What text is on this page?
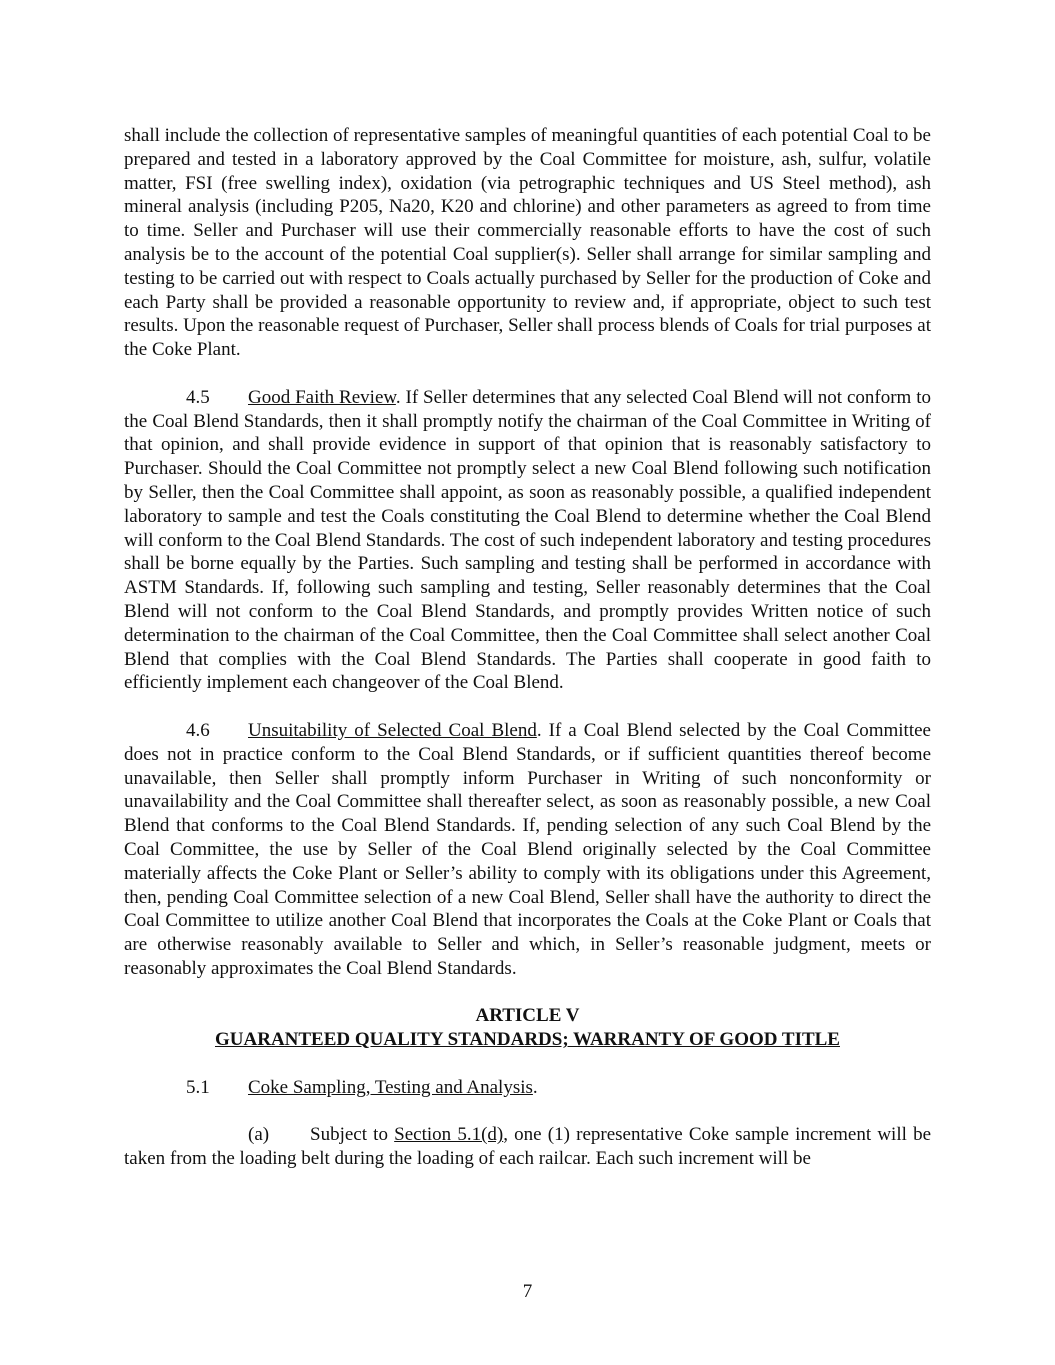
shall include the collection of representative samples of meaningful quantities of each potential Coal to be prepared and tested in a laboratory approved by the Coal Committee for moisture, ash, sulfur, volatile matter, FSI (free swelling index), oxidation (via petrographic techniques and US Steel method), ash mineral analysis (including P205, Na20, K20 and chlorine) and other parameters as agreed to from time to time. Seller and Purchaser will use their commercially reasonable efforts to have the cost of such analysis be to the account of the potential Coal supplier(s). Seller shall arrange for similar sampling and testing to be carried out with respect to Coals actually purchased by Seller for the production of Coke and each Party shall be provided a reasonable opportunity to review and, if appropriate, object to such test results. Upon the reasonable request of Purchaser, Seller shall process blends of Coals for trial purposes at the Coke Plant.

4.5 Good Faith Review. If Seller determines that any selected Coal Blend will not conform to the Coal Blend Standards, then it shall promptly notify the chairman of the Coal Committee in Writing of that opinion, and shall provide evidence in support of that opinion that is reasonably satisfactory to Purchaser. Should the Coal Committee not promptly select a new Coal Blend following such notification by Seller, then the Coal Committee shall appoint, as soon as reasonably possible, a qualified independent laboratory to sample and test the Coals constituting the Coal Blend to determine whether the Coal Blend will conform to the Coal Blend Standards. The cost of such independent laboratory and testing procedures shall be borne equally by the Parties. Such sampling and testing shall be performed in accordance with ASTM Standards. If, following such sampling and testing, Seller reasonably determines that the Coal Blend will not conform to the Coal Blend Standards, and promptly provides Written notice of such determination to the chairman of the Coal Committee, then the Coal Committee shall select another Coal Blend that complies with the Coal Blend Standards. The Parties shall cooperate in good faith to efficiently implement each changeover of the Coal Blend.

4.6 Unsuitability of Selected Coal Blend. If a Coal Blend selected by the Coal Committee does not in practice conform to the Coal Blend Standards, or if sufficient quantities thereof become unavailable, then Seller shall promptly inform Purchaser in Writing of such nonconformity or unavailability and the Coal Committee shall thereafter select, as soon as reasonably possible, a new Coal Blend that conforms to the Coal Blend Standards. If, pending selection of any such Coal Blend by the Coal Committee, the use by Seller of the Coal Blend originally selected by the Coal Committee materially affects the Coke Plant or Seller’s ability to comply with its obligations under this Agreement, then, pending Coal Committee selection of a new Coal Blend, Seller shall have the authority to direct the Coal Committee to utilize another Coal Blend that incorporates the Coals at the Coke Plant or Coals that are otherwise reasonably available to Seller and which, in Seller’s reasonable judgment, meets or reasonably approximates the Coal Blend Standards.

ARTICLE V

GUARANTEED QUALITY STANDARDS; WARRANTY OF GOOD TITLE

5.1 Coke Sampling, Testing and Analysis.

(a) Subject to Section 5.1(d), one (1) representative Coke sample increment will be taken from the loading belt during the loading of each railcar. Each such increment will be

7
